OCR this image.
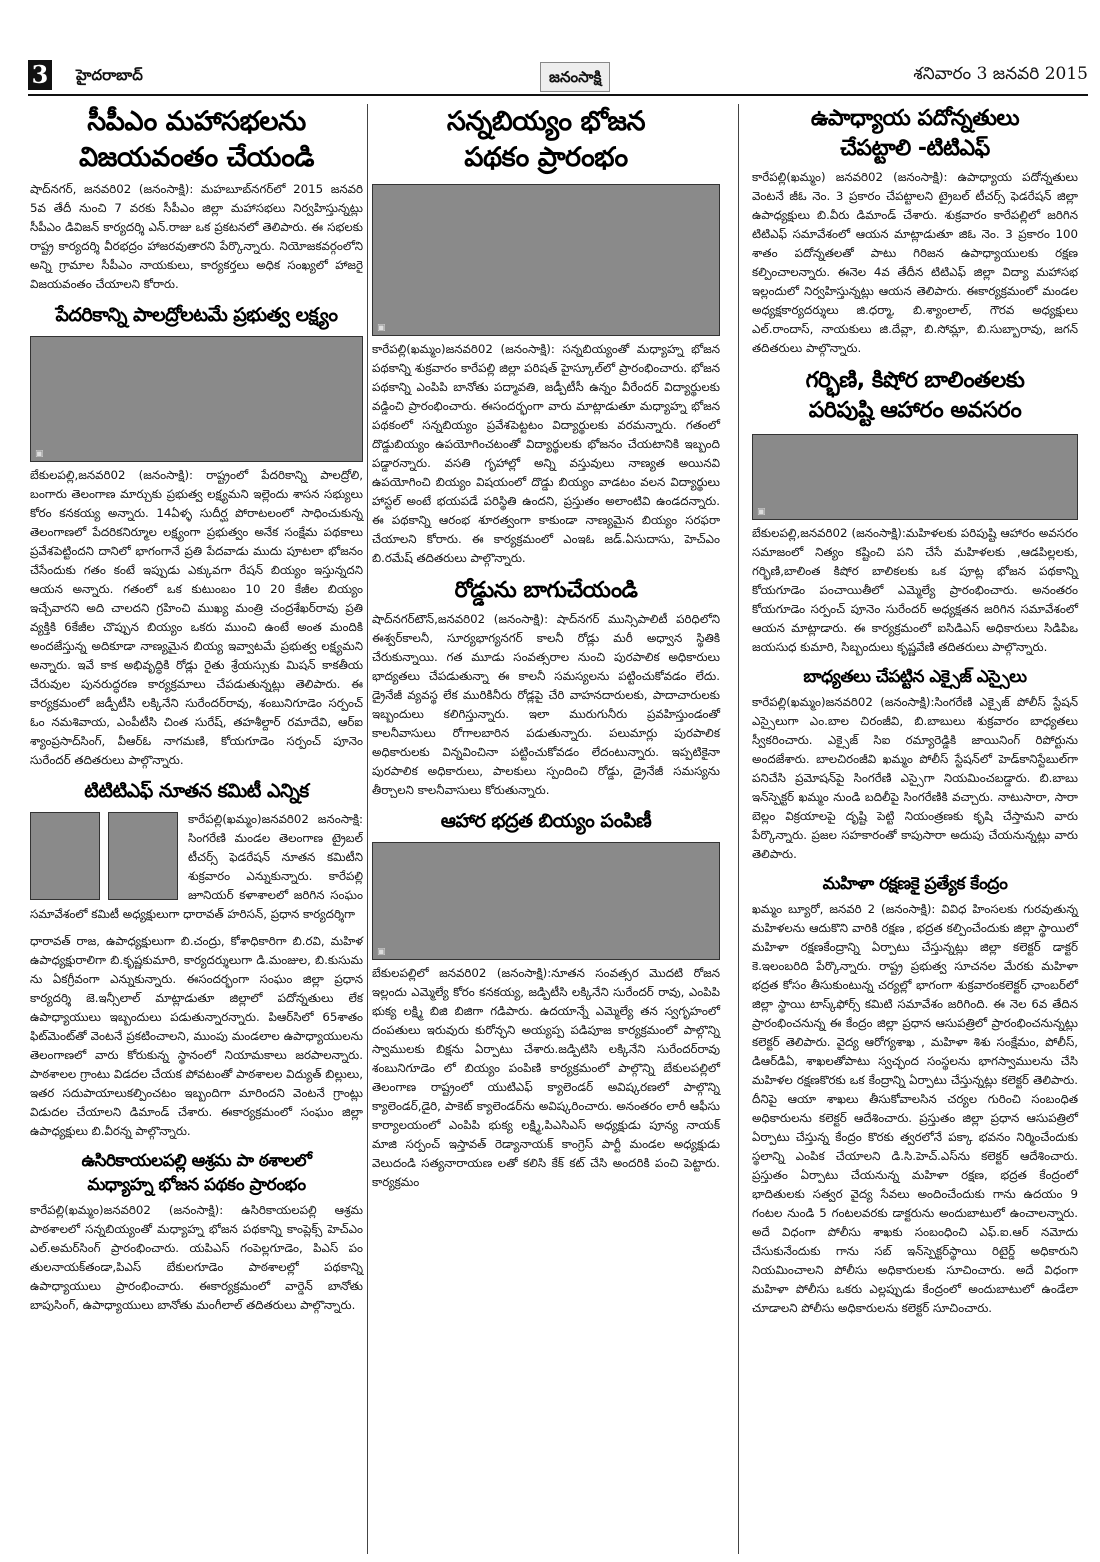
3 హైదరాబాద్	జనంసాక్షి	శనివారం 3 జనవరి 2015
సీపీఎం మహాసభలను
విజయవంతం చేయండి
షాద్‌నగర్, జనవరి02 (జనంసాక్షి): మహబూబ్‌నగర్‌లో 2015 జనవరి 5వ తేదీ నుంచి 7 వరకు సీపీఎం జిల్లా మహాసభలు నిర్వహిస్తున్నట్లు సీపీఎం డివిజన్ కార్యదర్శి ఎన్.రాజు ఒక ప్రకటనలో తెలిపారు. ఈ సభలకు రాష్ట్ర కార్యదర్శి వీరభద్రం హాజరవుతారని పేర్కొన్నారు. నియోజకవర్గంలోని అన్ని గ్రామాల సీపీఎం నాయకులు, కార్యకర్తలు అధిక సంఖ్యలో హాజరై విజయవంతం చేయాలని కోరారు.
పేదరికాన్ని పాలద్రోలటమే ప్రభుత్వ లక్ష్యం
▣
బేకులపల్లి,జనవరి02 (జనంసాక్షి): రాష్ట్రంలో పేదరికాన్ని పాలద్రోలి, బంగారు తెలంగాణ మార్చుకు ప్రభుత్వ లక్ష్యమని ఇల్లెందు శాసన సభ్యులు కోరం కనకయ్య అన్నారు. 14ఏళ్ళ సుదీర్ఘ పోరాటలంలో సాధించుకున్న తెలంగాణలో పేదరికనిర్మూల లక్ష్యంగా ప్రభుత్వం అనేక సంక్షేమ పథకాలు ప్రవేశపెట్టిందని దానిలో భాగంగానే ప్రతి పేదవాడు ముదు పూటలా భోజనం చేసేందుకు గతం కంటే ఇప్పుడు ఎక్కువగా రేషన్ బియ్యం ఇస్తున్నదని ఆయన అన్నారు. గతంలో ఒక కుటుంబం 10 20 కేజీల బియ్యం ఇచ్చేవారని అది చాలదని గ్రహించి ముఖ్య మంత్రి చంద్రశేఖర్‌రావు ప్రతి వ్యక్తికి 6కేజీల చొప్పున బియ్యం ఒకరు ముంచి ఉంటే అంత మందికి అందజేస్తున్న అదికూడా నాణ్యమైన బియ్య ఇవ్వాటమే ప్రభుత్వ లక్ష్యమని అన్నారు. ఇవే కాక అభివృద్ధికి రోడ్లు రైతు శ్రేయస్సుకు మిషన్ కాకతీయ చేరువుల పునరుద్ధరణ కార్యక్రమాలు చేపడుతున్నట్లు తెలిపారు. ఈ కార్యక్రమంలో జడ్పీటీసి లక్కినేని సురేందర్‌రావు, శంబునిగూడెం సర్పంచ్ ఓం నమశివాయ, ఎంపీటీసి చింత సురేష్, తహశీల్దార్ రమాదేవి, ఆర్‌ఐ శ్యాంప్రసాద్‌సింగ్, వీఆర్‌ఓ నాగమణి, కోయగూడెం సర్పంచ్ పూనెం సురేందర్ తదితరులు పాల్గొన్నారు.
టిటిటిఎఫ్ నూతన కమిటీ ఎన్నిక
కారేపల్లి(ఖమ్మం)జనవరి02 జనంసాక్షి: సింగరేణి మండల తెలంగాణ ట్రైబల్ టీచర్స్ ఫెడరేషన్ నూతన కమిటీని శుక్రవారం ఎన్నుకున్నారు. కారేపల్లి జూనియర్ కళాశాలలో జరిగిన సంఘం సమావేశంలో కమిటీ అధ్యక్షులుగా ధారావత్ హరిసన్, ప్రధాన కార్యదర్శిగా
ధారావత్ రాజ, ఉపాధ్యక్షులుగా బి.చంద్రు, కోశాధికారిగా బి.రవి, మహిళ ఉపాధ్యక్షురాలిగా బి.కృష్ణకుమారి, కార్యదర్శులుగా డి.మంజుల, బి.కుసుమ ను ఏకగ్రీవంగా ఎన్నుకున్నారు. ఈసందర్భంగా సంఘం జిల్లా ప్రధాన కార్యదర్శి జె.ఇన్సీలాల్ మాట్లాడుతూ జిల్లాలో పదోన్నతులు లేక ఉపాధ్యాయులు ఇబ్బందులు పడుతున్నారన్నారు. పిఆర్‌సిలో 65శాతం ఫిట్‌మెంట్‌తో వెంటనే ప్రకటించాలని, ముంపు మండలాల ఉపాధ్యాయులను తెలంగాణలో వారు కోరుకున్న స్థానంలో నియామకాలు జరపాలన్నారు. పాఠశాలల గ్రాంటు విడదల చేయక పోవటంతో పాఠశాలల విద్యుత్ బిల్లులు, ఇతర సదుపాయాలుకల్పించటం ఇబ్బందిగా మారిందని వెంటనే గ్రాంట్లు విడుదల చేయాలని డిమాండ్ చేశారు. ఈకార్యక్రమంలో సంఘం జిల్లా ఉపాధ్యక్షులు బి.వీరన్న పాల్గొన్నారు.
ఉసిరికాయలపల్లి ఆశ్రమ పా ఠశాలలో
మధ్యాహ్న భోజన పథకం ప్రారంభం
కారేపల్లి(ఖమ్మం)జనవరి02 (జనంసాక్షి): ఉసిరికాయలపల్లి ఆశ్రమ పాఠశాలలో సన్నబియ్యంతో మధ్యాహ్న భోజన పథకాన్ని కాంప్లెక్స్ హెచ్‌ఎం ఎల్.అమర్‌సింగ్ ప్రారంభించారు. యపిఎస్ గంపెల్లగూడెం, పిఎస్ పం తులనాయక్‌తండా,పిఎస్ బేకులగూడెం పాఠశాలల్లో పథకాన్ని ఉపాధ్యాయులు ప్రారంభించారు. ఈకార్యక్రమంలో వార్డెన్ బానోతు బాపుసింగ్, ఉపాధ్యాయులు బానోతు మంగీలాల్ తదితరులు పాల్గొన్నారు.
సన్నబియ్యం భోజన
పథకం ప్రారంభం
▣
కారేపల్లి(ఖమ్మం)జనవరి02 (జనంసాక్షి): సన్నబియ్యంతో మధ్యాహ్న భోజన పథకాన్ని శుక్రవారం కారేపల్లి జిల్లా పరిషత్ హైస్కూల్‌లో ప్రారంభించారు. భోజన పథకాన్ని ఎంపిపి బానోతు పద్మావతి, జడ్పీటీసీ ఉన్నం వీరేందర్ విద్యార్థులకు వడ్డించి ప్రారంభించారు. ఈసందర్భంగా వారు మాట్లాడుతూ మధ్యాహ్న భోజన పథకంలో సన్నబియ్యం ప్రవేశపెట్టటం విద్యార్థులకు వరమన్నారు. గతంలో దొడ్డుబియ్యం ఉపయోగించటంతో విద్యార్థులకు భోజనం చేయటానికి ఇబ్బంది పడ్డారన్నారు. వసతి గృహాల్లో అన్ని వస్తువులు నాణ్యత అయినవి ఉపయోగించి బియ్యం విషయంలో దొడ్డు బియ్యం వాడటం వలన విద్యార్థులు హాస్టల్ అంటే భయపడే పరిస్థితి ఉందని, ప్రస్తుతం అలాంటివి ఉండదన్నారు. ఈ పథకాన్ని ఆరంభ శూరత్వంగా కాకుండా నాణ్యమైన బియ్యం సరఫరా చేయాలని కోరారు. ఈ కార్యక్రమంలో ఎంఇఓ జడ్.ఏసుదాసు, హెచ్‌ఎం బి.రమేష్ తదితరులు పాల్గొన్నారు.
రోడ్డును బాగుచేయండి
షాద్‌నగర్‌టౌన్,జనవరి02 (జనంసాక్షి): షాద్‌నగర్ మున్సిపాలిటీ పరిధిలోని ఈశ్వర్‌కాలనీ, సూర్యభాగ్యనగర్ కాలనీ రోడ్లు మరీ అధ్వాన స్థితికి చేరుకున్నాయి. గత మూడు సంవత్సరాల నుంచి పురపాలిక అధికారులు భాద్యతలు చేపడుతున్నా ఈ కాలనీ సమస్యలను పట్టించుకోవడం లేదు. డ్రైనేజీ వ్యవస్థ లేక మురికినీరు రోడ్లపై చేరి వాహనదారులకు, పాదాచారులకు ఇబ్బందులు కలిగిస్తున్నారు. ఇలా మురుగునీరు ప్రవహిస్తుండంతో కాలనీవాసులు రోగాలబారిన పడుతున్నారు. పలుమార్లు పురపాలిక అధికారులకు విన్నవించినా పట్టించుకోవడం లేదంటున్నారు. ఇప్పటికైనా పురపాలిక అధికారులు, పాలకులు స్పందించి రోడ్డు, డ్రైనేజీ సమస్యను తీర్చాలని కాలనీవాసులు కోరుతున్నారు.
ఆహార భద్రత బియ్యం పంపిణీ
▣
బేకులపల్లిలో జనవరి02 (జనంసాక్షి):నూతన సంవత్సర మొదటి రోజన ఇల్లందు ఎమ్మెల్యే కోరం కనకయ్య, జడ్పిటీసి లక్కినేని సురేందర్ రావు, ఎంపిపి భుక్య లక్ష్మి బిజి బిజిగా గడిపారు. ఉదయాన్నే ఎమ్మెల్యే తన స్వగృహంలో దంపతులు ఇరువురు కురోన్ఛని అయ్యప్ప పడిపూజ కార్యక్రమంలో పాల్గొన్ని స్వాములకు బిక్షను ఏర్పాటు చేశారు.జడ్పిటిసి లక్కినేని సురేందర్‌రావు శంబునిగూడెం లో బియ్యం పంపిణి కార్యక్రమంలో పాల్గొన్ని బేకులపల్లిలో తెలంగాణ రాష్ట్రంలో యుటిఎఫ్ క్యాలెండర్ అవిష్కరణలో పాల్గొన్ని క్యాలెండర్,డైరి, పాకెట్ క్యాలెండర్‌ను అవిష్కరించారు. అనంతరం లారీ ఆఫీసు కార్యాలయంలో ఎంపిపి భుక్య లక్ష్మి,పిఎసిఎస్ అధ్యక్షుడు పూన్య నాయక్ మాజి సర్పంచ్ ఇస్తావత్ రెడ్యానాయక్ కాంగ్రెస్ పార్టీ మండల అధ్యక్షుడు వెలుదండి సత్యనారాయణ లతో కలిసి కేక్ కట్ చేసి అందరికి పంచి పెట్టారు. కార్యక్రమం
ఉపాధ్యాయ పదోన్నతులు
చేపట్టాలి -టిటిఎఫ్
కారేపల్లి(ఖమ్మం) జనవరి02 (జనంసాక్షి): ఉపాధ్యాయ పదోన్నతులు వెంటనే జీఓ నెం. 3 ప్రకారం చేపట్టాలని ట్రైబల్ టీచర్స్ ఫెడరేషన్ జిల్లా ఉపాధ్యక్షులు బి.వీరు డిమాండ్ చేశారు. శుక్రవారం కారేపల్లిలో జరిగిన టిటిఎఫ్ సమావేశంలో ఆయన మాట్లాడుతూ జిఓ నెం. 3 ప్రకారం 100 శాతం పదోన్నతలతో పాటు గిరిజన ఉపాధ్యాయులకు రక్షణ కల్పించాలన్నారు. ఈనెల 4వ తేదీన టిటిఎఫ్ జిల్లా విద్యా మహాసభ ఇల్లందులో నిర్వహిస్తున్నట్లు ఆయన తెలిపారు. ఈకార్యక్రమంలో మండల అధ్యక్షకార్యదర్శులు జి.ధర్మా, బి.శ్యాంలాల్, గౌరవ అధ్యక్షులు ఎల్.రాందాస్, నాయకులు జి.దేవ్లా, బి.సోమ్లా, బి.సుబ్బారావు, జగన్ తదితరులు పాల్గొన్నారు.
గర్భిణి, కిషోర బాలింతలకు
పరిపుష్టి ఆహారం అవసరం
▣
బేకులపల్లి,జనవరి02 (జనంసాక్షి):మహిళలకు పరిపుష్టి ఆహారం అవసరం సమాజంలో నిత్యం కష్టించి పని చేసే మహిళలకు ,ఆడపిల్లలకు, గర్భిణి,బాలింత కిషోర బాలికలకు ఒక పూట్ల భోజన పథకాన్ని కోయగూడెం పంచాయితీలో ఎమ్మెల్యే ప్రారంభించారు. అనంతరం కోయగూడెం సర్పంచ్ పూనెం సురేందర్ అధ్యక్షతన జరిగిన సమావేశంలో ఆయన మాట్లాడారు. ఈ కార్యక్రమంలో ఐసిడిఎస్ అధికారులు సిడిపిఒ జయసుధ కుమారి, సిబ్బందులు కృష్ణవేణి తదితరులు పాల్గొన్నారు.
బాధ్యతలు చేపట్టిన ఎక్సైజ్ ఎస్సైలు
కారేపల్లి(ఖమ్మం)జనవరి02 (జనంసాక్షి):సింగరేణి ఎక్సైజ్ పోలీస్ స్టేషన్ ఎస్సైలుగా ఎం.బాల చిరంజీవి, బి.బాబులు శుక్రవారం బాధ్యతలు స్వీకరించారు. ఎక్సైజ్ సిఐ రమ్యారెడ్డికి జాయినింగ్ రిపోర్టును అందజేశారు. బాలచిరంజీవి ఖమ్మం పోలీస్ స్టేషన్‌లో హెడ్‌కానిస్టేబుల్‌గా పనిచేసి ప్రమోషన్‌పై సింగరేణి ఎస్సైగా నియమించబడ్డారు. బి.బాబు ఇన్‌స్పెక్టర్ ఖమ్మం నుండి బదిలీపై సింగరేణికి వచ్చారు. నాటుసారా, సారా బెల్లం విక్రయాలపై దృష్టి పెట్టి నియంత్రణకు కృషి చేస్తామని వారు పేర్కొన్నారు. ప్రజల సహకారంతో కాపుసారా అదుపు చేయనున్నట్లు వారు తెలిపారు.
మహిళా రక్షణకై ప్రత్యేక కేంద్రం
ఖమ్మం బ్యూరో, జనవరి 2 (జనంసాక్షి): వివిధ హింసలకు గురవుతున్న మహిళలను ఆదుకొని వారికి రక్షణ , భద్రత కల్పించేందుకు జిల్లా స్థాయిలో మహిళా రక్షణకేంద్రాన్ని ఏర్పాటు చేస్తున్నట్లు జిల్లా కలెక్టర్ డాక్టర్ కె.ఇలంబరిది పేర్కొన్నారు. రాష్ట్ర ప్రభుత్వ సూచనల మేరకు మహిళా భద్రత కోసం తీసుకుంటున్న చర్యల్లో భాగంగా శుక్రవారంకలెక్టర్ ఛాంబర్‌లో జిల్లా స్థాయి టాస్క్‌ఫోర్స్ కమిటి సమావేశం జరిగింది. ఈ నెల 6వ తేదిన ప్రారంభించనున్న ఈ కేంద్రం జిల్లా ప్రధాన ఆసుపత్రిలో ప్రారంభించనున్నట్లు కలెక్టర్ తెలిపారు. వైద్య ఆరోగ్యశాఖ , మహిళా శిశు సంక్షేమం, పోలీస్, డిఆర్‌డిఏ, శాఖలతోపాటు స్వచ్ఛంద సంస్థలను భాగస్వాములను చేసి మహిళల రక్షణకొరకు ఒక కేంద్రాన్ని ఏర్పాటు చేస్తున్నట్లు కలెక్టర్ తెలిపారు. దీనిపై ఆయా శాఖలు తీసుకోవాలసిన చర్యల గురించి సంబంధిత అధికారులను కలెక్టర్ ఆదేశించారు. ప్రస్తుతం జిల్లా ప్రధాన ఆసుపత్రిలో ఏర్పాటు చేస్తున్న కేంద్రం కొరకు త్వరలోనే పక్కా భవనం నిర్మించేందుకు స్థలాన్ని ఎంపిక చేయాలని డి.సి.హెచ్.ఎస్‌ను కలెక్టర్ ఆదేశించారు. ప్రస్తుతం ఏర్పాటు చేయనున్న మహిళా రక్షణ, భద్రత కేంద్రంలో భాదితులకు సత్వర వైద్య సేవలు అందించేందుకు గాను ఉదయం 9 గంటల నుండి 5 గంటలవరకు డాక్టరును అందుబాటులో ఉంచాలన్నారు. అదే విధంగా పోలీసు శాఖకు సంబంధించి ఎఫ్.ఐ.ఆర్ నమోదు చేసుకునేందుకు గాను సబ్ ఇన్‌స్పెక్టర్‌స్థాయి రిటైర్డ్ అధికారుని నియమించాలని పోలీసు అధికారులకు సూచించారు. అదే విధంగా మహిళా పోలీసు ఒకరు ఎల్లప్పుడు కేంద్రంలో అందుబాటులో ఉండేలా చూడాలని పోలీసు అధికారులను కలెక్టర్ సూచించారు.
